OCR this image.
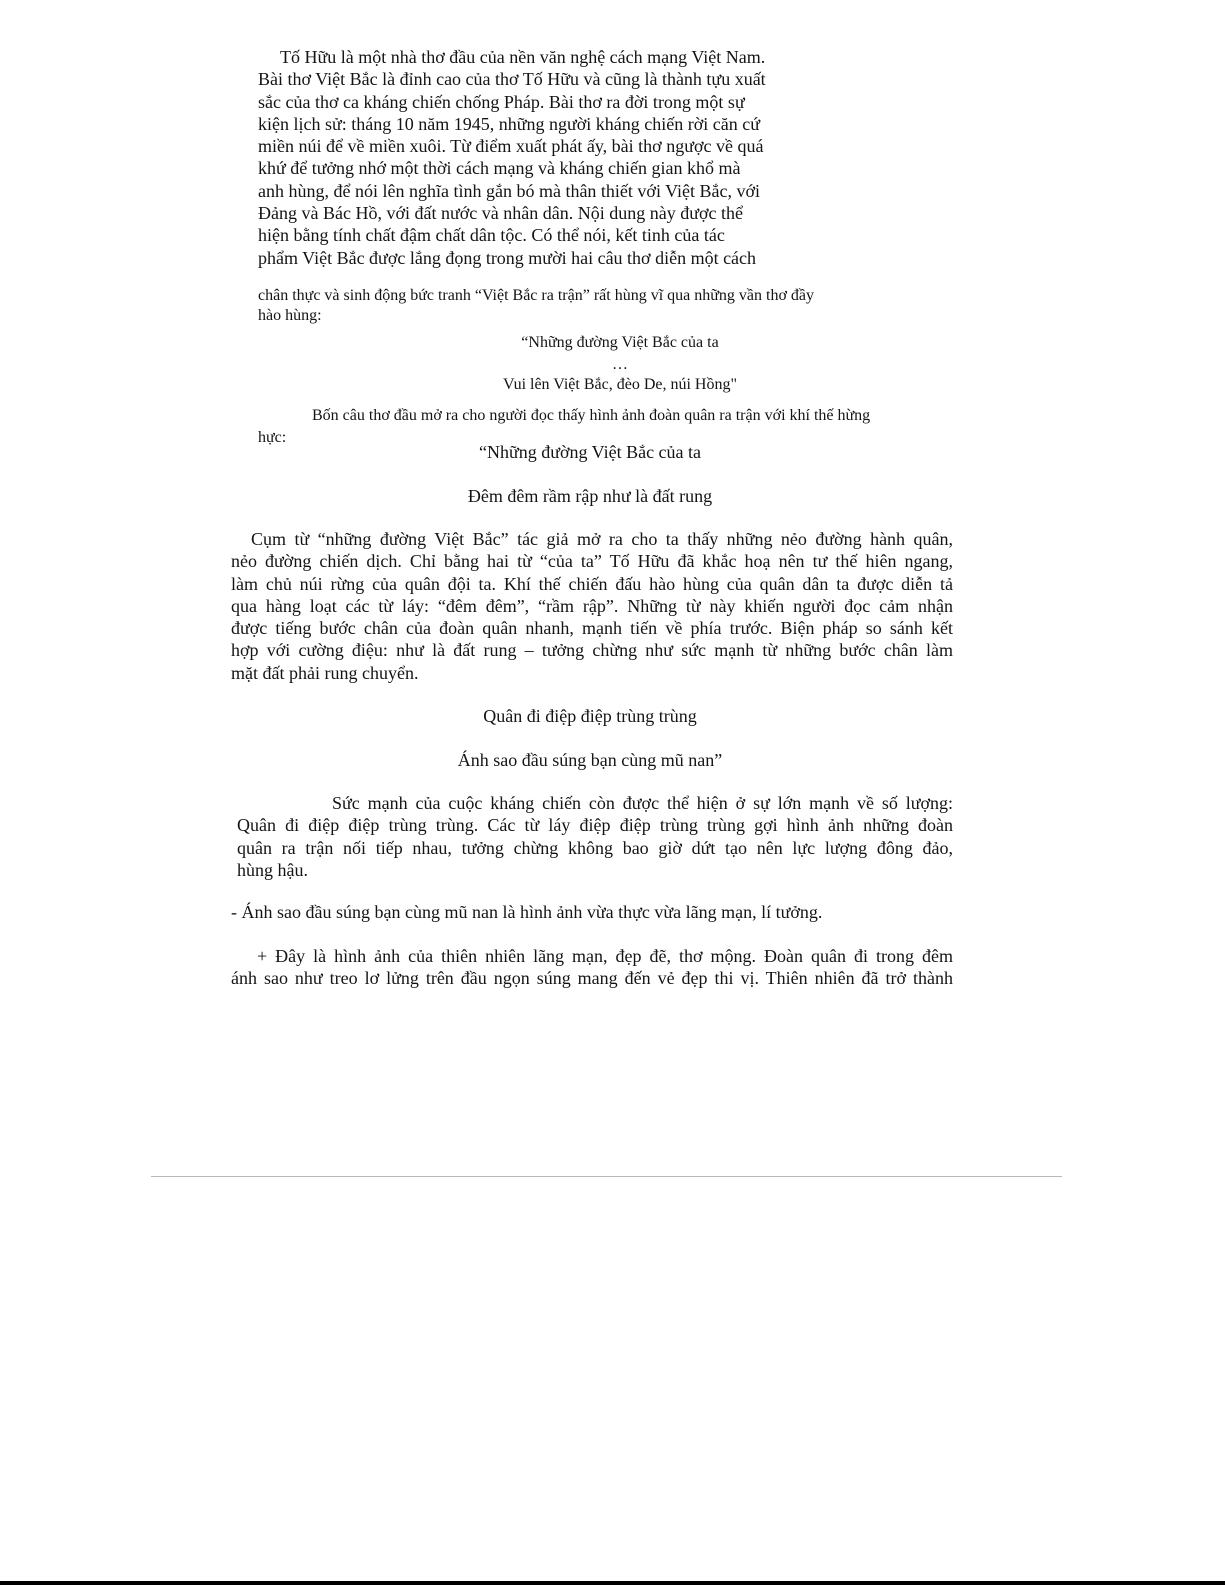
Tố Hữu là một nhà thơ đầu của nền văn nghệ cách mạng Việt Nam.
Bài thơ Việt Bắc là đỉnh cao của thơ Tố Hữu và cũng là thành tựu xuất
sắc của thơ ca kháng chiến chống Pháp. Bài thơ ra đời trong một sự
kiện lịch sử: tháng 10 năm 1945, những người kháng chiến rời căn cứ
miền núi để về miền xuôi. Từ điểm xuất phát ấy, bài thơ ngược về quá
khứ để tưởng nhớ một thời cách mạng và kháng chiến gian khổ mà
anh hùng, để nói lên nghĩa tình gắn bó mà thân thiết với Việt Bắc, với
Đảng và Bác Hồ, với đất nước và nhân dân. Nội dung này được thể
hiện bằng tính chất đậm chất dân tộc. Có thể nói, kết tinh của tác
phẩm Việt Bắc được lắng đọng trong mười hai câu thơ diễn một cách
chân thực và sinh động bức tranh “Việt Bắc ra trận” rất hùng vĩ qua những vần thơ đầy
hào hùng:
“Những đường Việt Bắc của ta
…
Vui lên Việt Bắc, đèo De, núi Hồng"
Bốn câu thơ đầu mở ra cho người đọc thấy hình ảnh đoàn quân ra trận với khí thế hừng
hực:
“Những đường Việt Bắc của ta
Đêm đêm rầm rập như là đất rung
Cụm từ “những đường Việt Bắc” tác giả mở ra cho ta thấy những nẻo đường hành quân,
nẻo đường chiến dịch. Chỉ bằng hai từ “của ta” Tố Hữu đã khắc hoạ nên tư thế hiên ngang,
làm chủ núi rừng của quân đội ta. Khí thế chiến đấu hào hùng của quân dân ta được diễn tả
qua hàng loạt các từ láy: “đêm đêm”, “rầm rập”. Những từ này khiến người đọc cảm nhận
được tiếng bước chân của đoàn quân nhanh, mạnh tiến về phía trước. Biện pháp so sánh kết
hợp với cường điệu: như là đất rung – tưởng chừng như sức mạnh từ những bước chân làm
mặt đất phải rung chuyển.
Quân đi điệp điệp trùng trùng
Ánh sao đầu súng bạn cùng mũ nan”
Sức mạnh của cuộc kháng chiến còn được thể hiện ở sự lớn mạnh về số lượng:
Quân đi điệp điệp trùng trùng. Các từ láy điệp điệp trùng trùng gợi hình ảnh những đoàn
quân ra trận nối tiếp nhau, tưởng chừng không bao giờ dứt tạo nên lực lượng đông đảo,
hùng hậu.
- Ánh sao đầu súng bạn cùng mũ nan là hình ảnh vừa thực vừa lãng mạn, lí tưởng.
+ Đây là hình ảnh của thiên nhiên lãng mạn, đẹp đẽ, thơ mộng. Đoàn quân đi trong đêm
ánh sao như treo lơ lửng trên đầu ngọn súng mang đến vẻ đẹp thi vị. Thiên nhiên đã trở thành
